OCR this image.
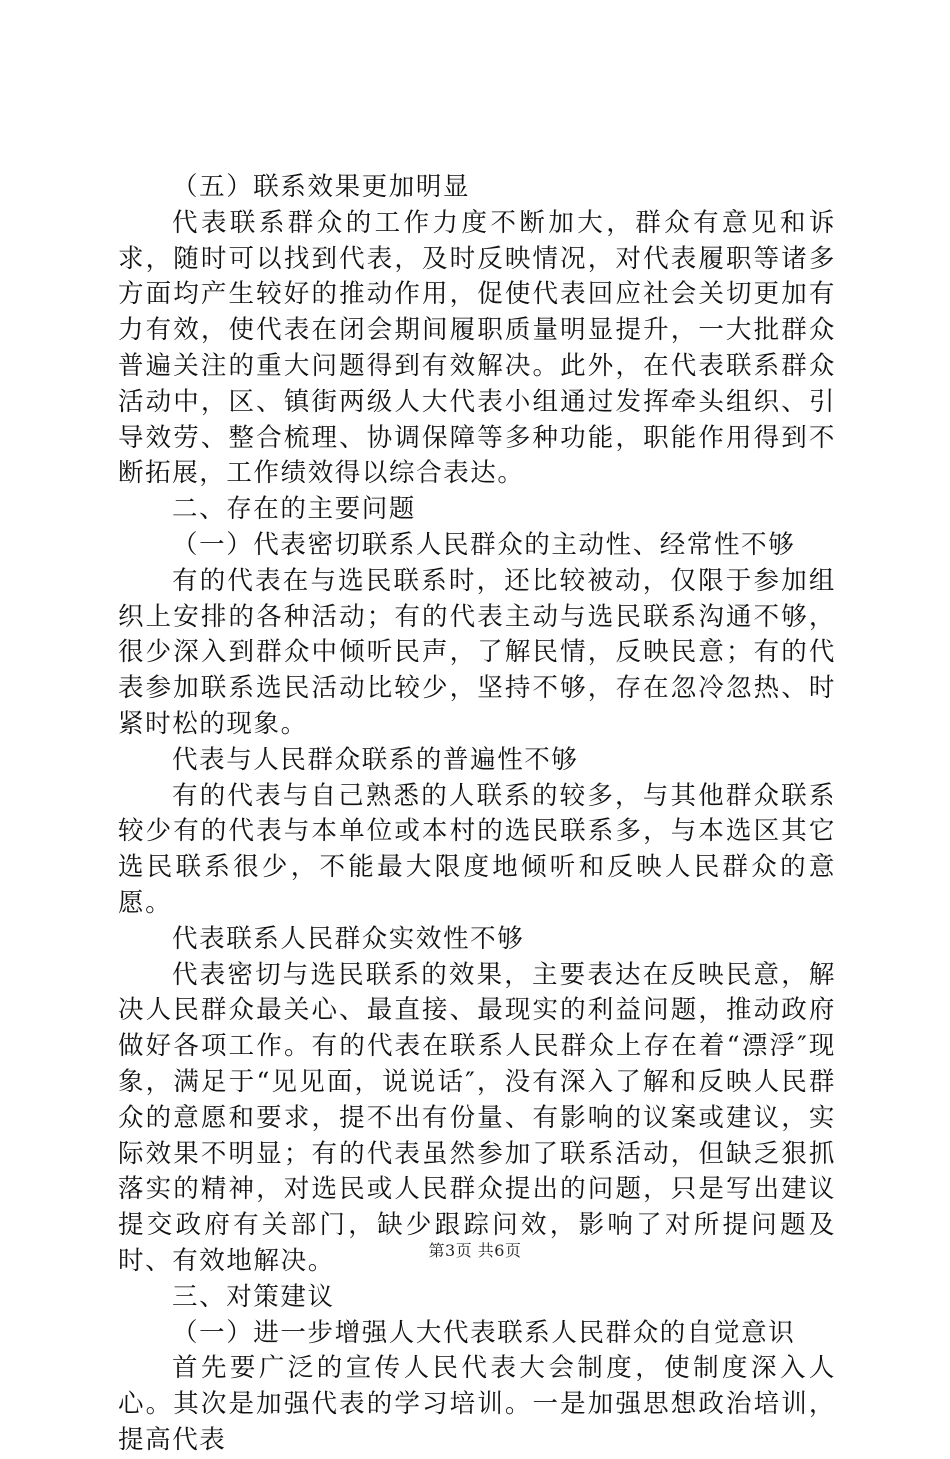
（五）联系效果更加明显

代表联系群众的工作力度不断加大，群众有意见和诉求，随时可以找到代表，及时反映情况，对代表履职等诸多方面均产生较好的推动作用，促使代表回应社会关切更加有力有效，使代表在闭会期间履职质量明显提升，一大批群众普遍关注的重大问题得到有效解决。此外，在代表联系群众活动中，区、镇街两级人大代表小组通过发挥牵头组织、引导效劳、整合梳理、协调保障等多种功能，职能作用得到不断拓展，工作绩效得以综合表达。

二、存在的主要问题

（一）代表密切联系人民群众的主动性、经常性不够

有的代表在与选民联系时，还比较被动，仅限于参加组织上安排的各种活动；有的代表主动与选民联系沟通不够，很少深入到群众中倾听民声，了解民情，反映民意；有的代表参加联系选民活动比较少，坚持不够，存在忽冷忽热、时紧时松的现象。

代表与人民群众联系的普遍性不够

有的代表与自己熟悉的人联系的较多，与其他群众联系较少有的代表与本单位或本村的选民联系多，与本选区其它选民联系很少，不能最大限度地倾听和反映人民群众的意愿。

代表联系人民群众实效性不够

代表密切与选民联系的效果，主要表达在反映民意，解决人民群众最关心、最直接、最现实的利益问题，推动政府做好各项工作。有的代表在联系人民群众上存在着“漂浮″现象，满足于“见见面，说说话″，没有深入了解和反映人民群众的意愿和要求，提不出有份量、有影响的议案或建议，实际效果不明显；有的代表虽然参加了联系活动，但缺乏狠抓落实的精神，对选民或人民群众提出的问题，只是写出建议提交政府有关部门，缺少跟踪问效，影响了对所提问题及时、有效地解决。

三、对策建议

（一）进一步增强人大代表联系人民群众的自觉意识

首先要广泛的宣传人民代表大会制度，使制度深入人心。其次是加强代表的学习培训。一是加强思想政治培训，提高代表

第3页 共6页
